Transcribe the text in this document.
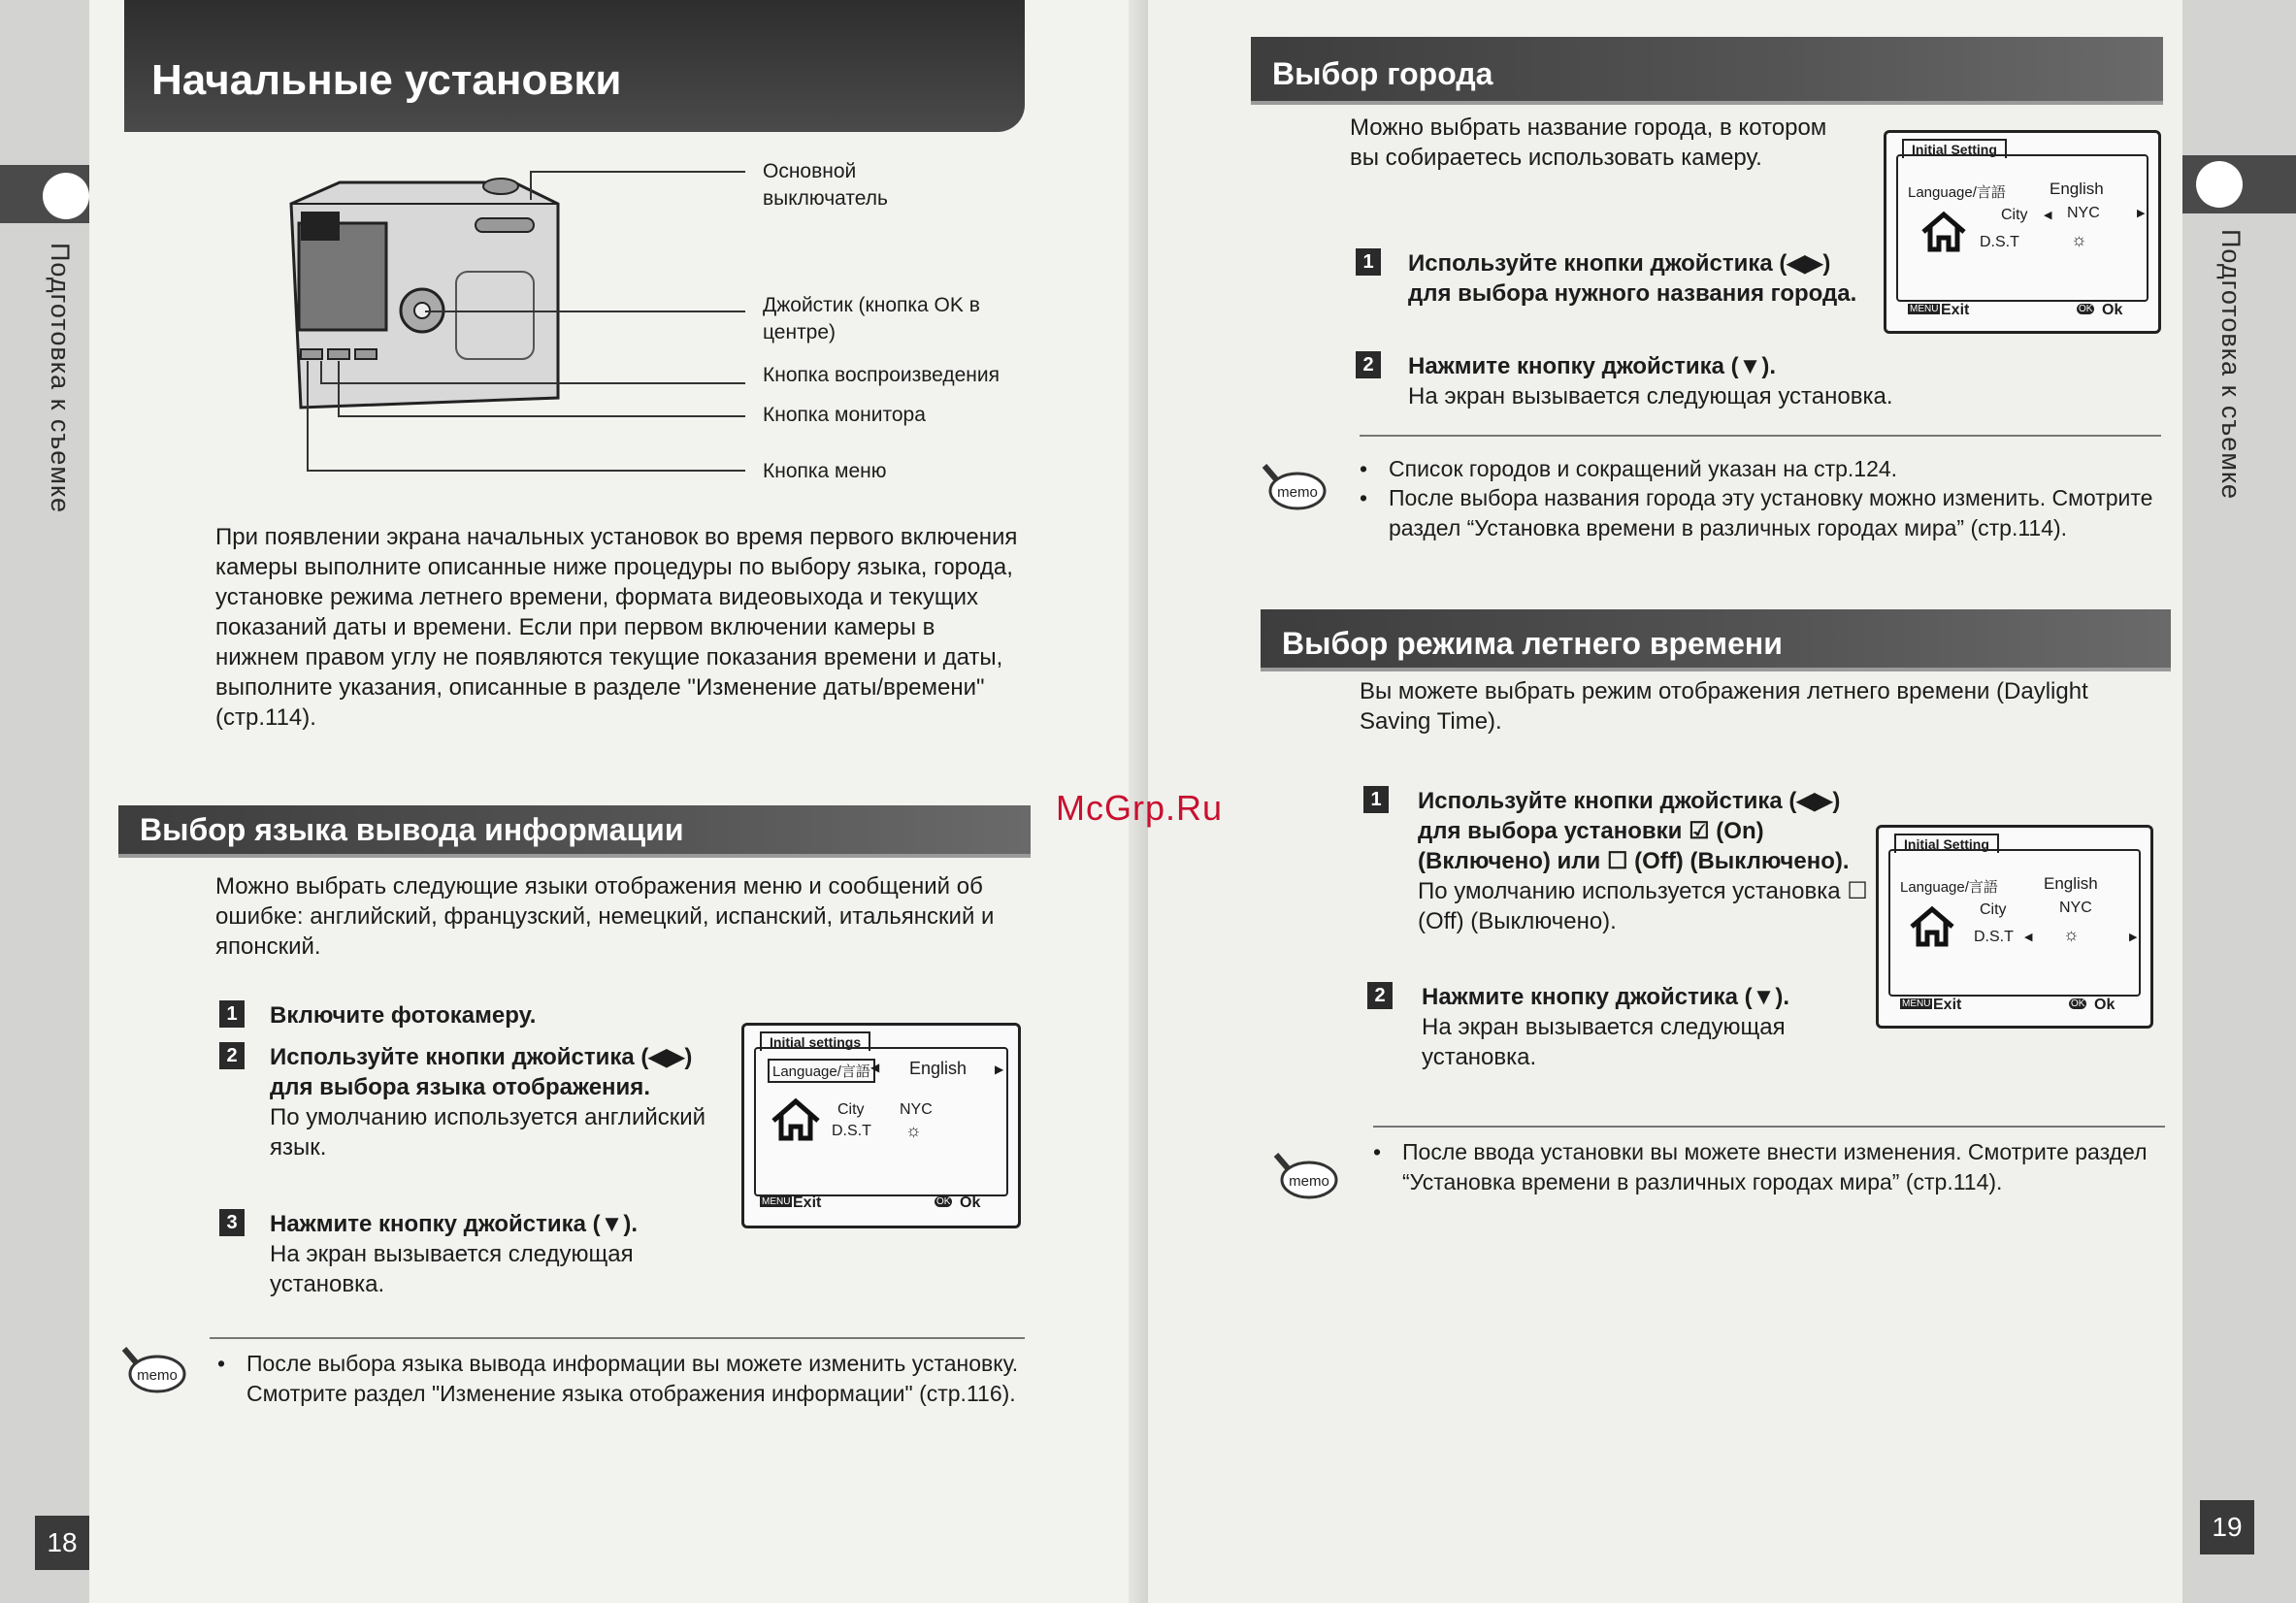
Подготовка к съемке
18
Начальные установки
Основной выключатель
Джойстик (кнопка OK в центре)
Кнопка воспроизведения
Кнопка монитора
Кнопка меню
При появлении экрана начальных установок во время первого включения камеры выполните описанные ниже процедуры по выбору языка, города, установке режима летнего времени, формата видеовыхода и текущих показаний даты и времени. Если при первом включении камеры в нижнем правом углу не появляются текущие показания времени и даты, выполните указания, описанные в разделе "Изменение даты/времени" (стр.114).
Выбор языка вывода информации
Можно выбрать следующие языки отображения меню и сообщений об ошибке: английский, французский, немецкий, испанский, итальянский и японский.
1	Включите фотокамеру.
2	Используйте кнопки джойстика (◀▶) для выбора языка отображения.
По умолчанию используется английский язык.
3	Нажмите кнопку джойстика (▼).
На экран вызывается следующая установка.
Initial settings
Language/言語 ◀ English ▶
City NYC
D.S.T ☼
MENU Exit	OK Ok
memo
•	После выбора языка вывода информации вы можете изменить установку. Смотрите раздел "Изменение языка отображения информации" (стр.116).
Подготовка к съемке
19
Выбор города
Можно выбрать название города, в котором вы собираетесь использовать камеру.
1	Используйте кнопки джойстика (◀▶) для выбора нужного названия города.
2	Нажмите кнопку джойстика (▼).
На экран вызывается следующая установка.
Initial Setting
Language/言語	English
▶
City ◀ NYC
D.S.T	☼
MENU Exit	OK Ok
memo
• Список городов и сокращений указан на стр.124.
• После выбора названия города эту установку можно изменить. Смотрите раздел “Установка времени в различных городах мира” (стр.114).
Выбор режима летнего времени
Вы можете выбрать режим отображения летнего времени (Daylight Saving Time).
1	Используйте кнопки джойстика (◀▶) для выбора установки ☑ (On) (Включено) или ☐ (Off) (Выключено).
По умолчанию используется установка ☐ (Off) (Выключено).
2	Нажмите кнопку джойстика (▼).
На экран вызывается следующая установка.
Initial Setting
Language/言語	English
City	NYC
D.S.T ◀ ☼	▶
MENU Exit	OK Ok
memo
• После ввода установки вы можете внести изменения. Смотрите раздел “Установка времени в различных городах мира” (стр.114).
McGrp.Ru
